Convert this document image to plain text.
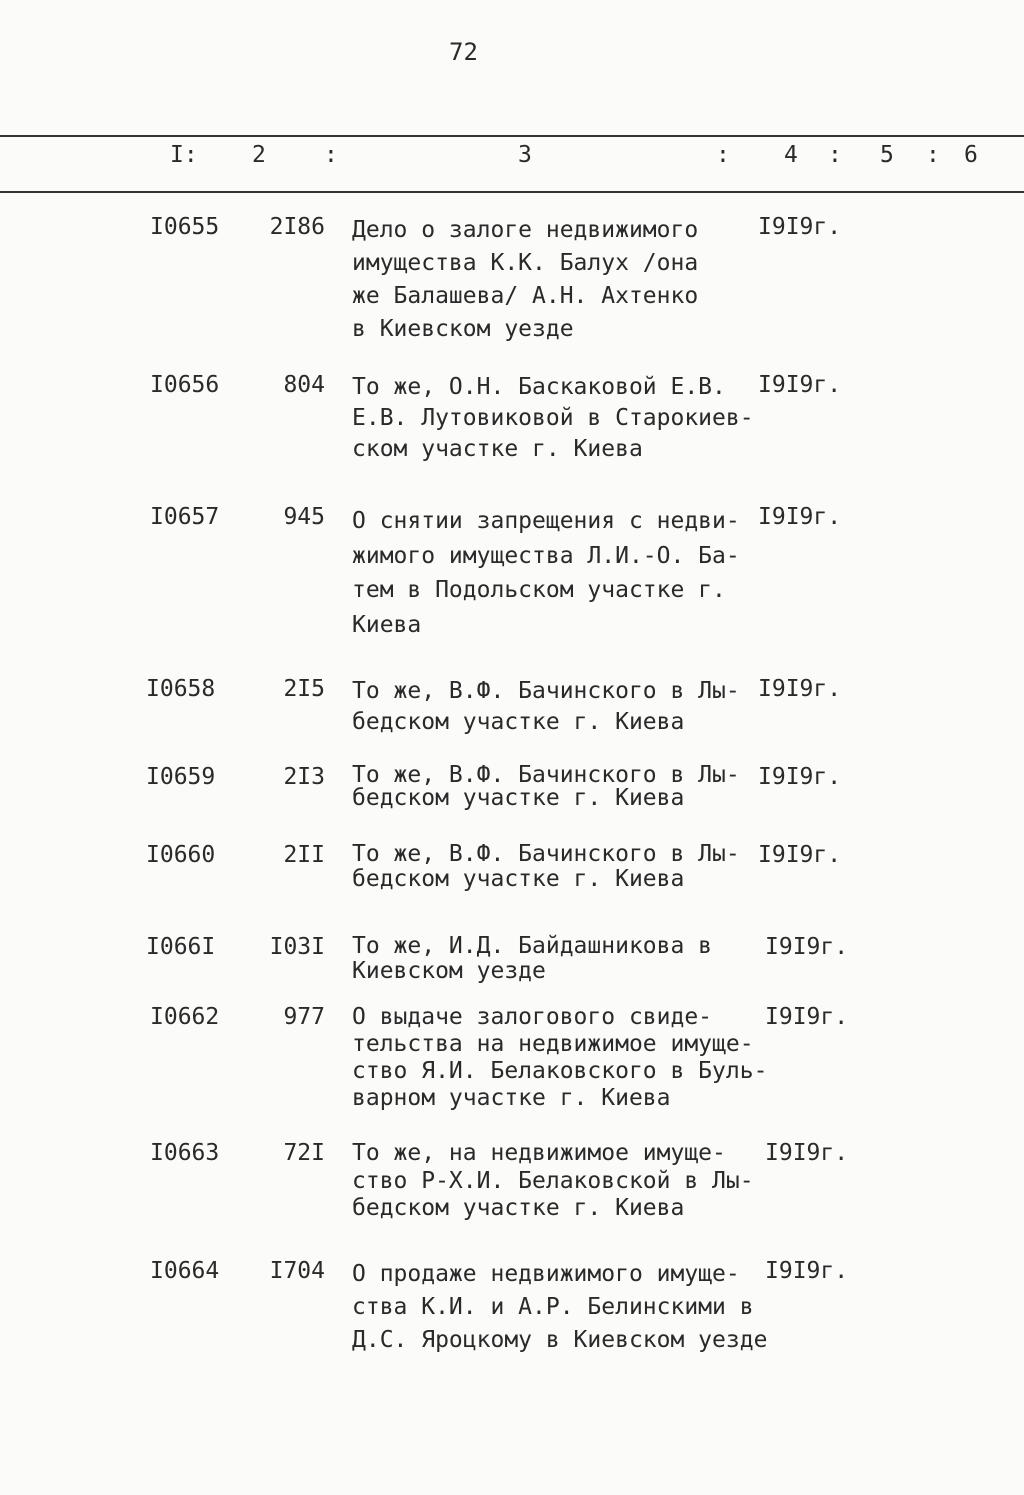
72
I: 2	:	3	: 4 : 5 : 6
I0655	2I86 Дело о залоге недвижимого
имущества К.К. Балух /она
же Балашева/ А.Н. Ахтенко
в Киевском уезде
I9I9г.
I0656	804 То же, О.Н. Баскаковой Е.В.
Е.В. Лутовиковой в Старокиев-
ском участке г. Киева
I9I9г.
I0657	945 О снятии запрещения с недви-
жимого имущества Л.И.-О. Ба-
тем в Подольском участке г.
Киева
I9I9г.
I0658	2I5 То же, В.Ф. Бачинского в Лы-
бедском участке г. Киева
I9I9г.
I0659	2I3 То же, В.Ф. Бачинского в Лы-
бедском участке г. Киева
I9I9г.
I0660	2II То же, В.Ф. Бачинского в Лы-
бедском участке г. Киева
I9I9г.
I066I	I03I То же, И.Д. Байдашникова в
Киевском уезде
I9I9г.
I0662	977 О выдаче залогового свиде-
тельства на недвижимое имуще-
ство Я.И. Белаковского в Буль-
варном участке г. Киева
I9I9г.
I0663	72I То же, на недвижимое имуще-
ство Р-Х.И. Белаковской в Лы-
бедском участке г. Киева
I9I9г.
I0664	I704 О продаже недвижимого имуще-
ства К.И. и А.Р. Белинскими в
Д.С. Яроцкому в Киевском уезде
I9I9г.
